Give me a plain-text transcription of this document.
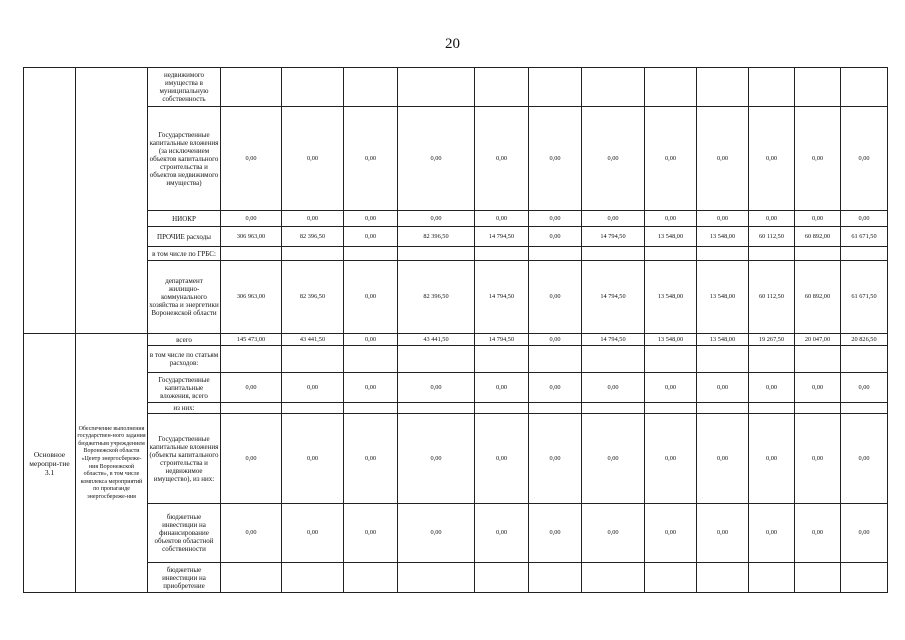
20
		недвижимого имущества в муниципальную собственность												
		Государственные капитальные вложения (за исключением объектов капитального строительства и объектов недвижимого имущества)	0,00	0,00	0,00	0,00	0,00	0,00	0,00	0,00	0,00	0,00	0,00	0,00
		НИОКР	0,00	0,00	0,00	0,00	0,00	0,00	0,00	0,00	0,00	0,00	0,00	0,00
		ПРОЧИЕ расходы	306 963,00	82 396,50	0,00	82 396,50	14 794,50	0,00	14 794,50	13 548,00	13 548,00	60 112,50	60 892,00	61 671,50
		в том числе по ГРБС:												
		департамент жилищно-коммунального хозяйства и энергетики Воронежской области	306 963,00	82 396,50	0,00	82 396,50	14 794,50	0,00	14 794,50	13 548,00	13 548,00	60 112,50	60 892,00	61 671,50

Основное меропри-тие 3.1	Обеспечение выполнения государствен-ного задания бюджетным учреждением Воронежской области «Центр энергосбереже-ния Воронежской области», в том числе комплекса мероприятий по пропаганде энергосбереже-ния	всего	145 473,00	43 441,50	0,00	43 441,50	14 794,50	0,00	14 794,50	13 548,00	13 548,00	19 267,50	20 047,00	20 826,50
		в том числе по статьям расходов:												
		Государственные капитальные вложения, всего	0,00	0,00	0,00	0,00	0,00	0,00	0,00	0,00	0,00	0,00	0,00	0,00
		из них:												
		Государственные капитальные вложения (объекты капитального строительства и недвижимое имущество), из них:	0,00	0,00	0,00	0,00	0,00	0,00	0,00	0,00	0,00	0,00	0,00	0,00
		бюджетные инвестиции на финансирование объектов областной собственности	0,00	0,00	0,00	0,00	0,00	0,00	0,00	0,00	0,00	0,00	0,00	0,00
		бюджетные инвестиции на приобретение												
